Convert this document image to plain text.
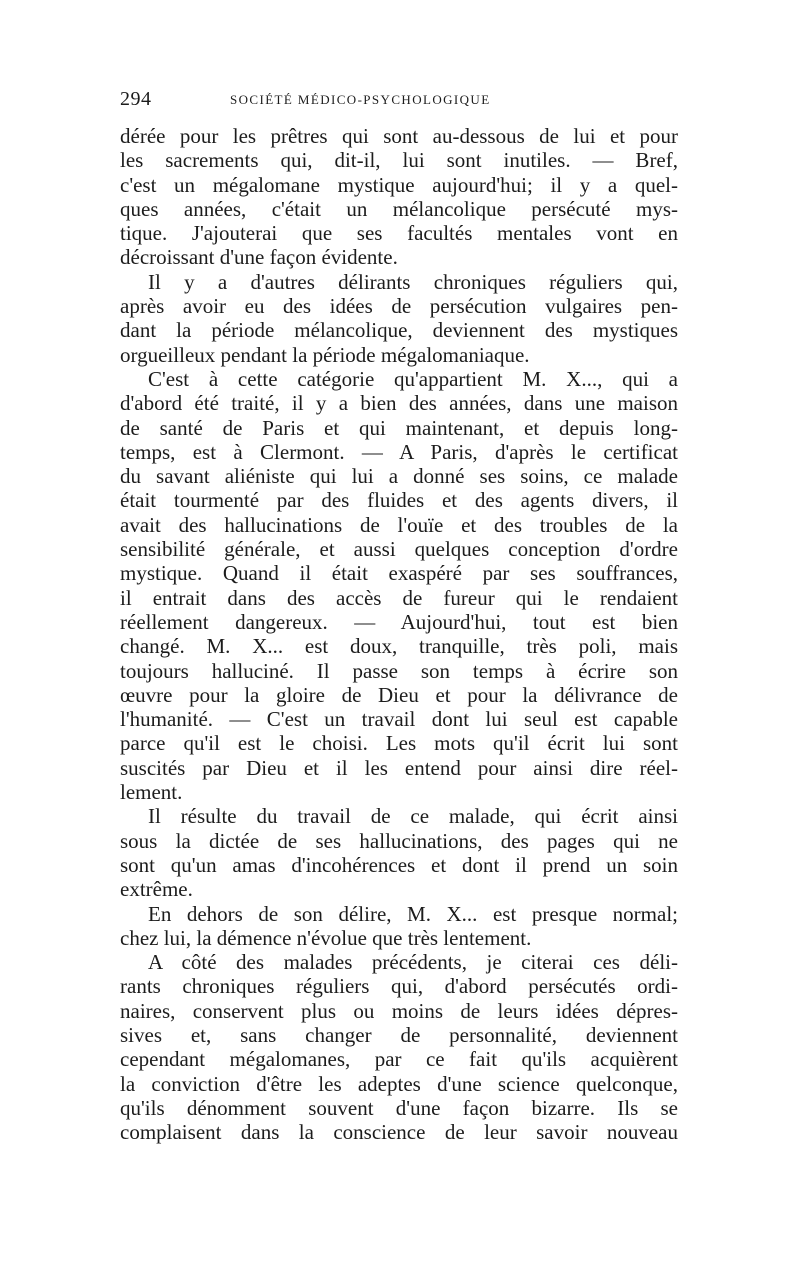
294	SOCIÉTÉ MÉDICO-PSYCHOLOGIQUE
dérée pour les prêtres qui sont au-dessous de lui et pour
les sacrements qui, dit-il, lui sont inutiles. — Bref,
c'est un mégalomane mystique aujourd'hui; il y a quel-
ques années, c'était un mélancolique persécuté mys-
tique. J'ajouterai que ses facultés mentales vont en
décroissant d'une façon évidente.
Il y a d'autres délirants chroniques réguliers qui,
après avoir eu des idées de persécution vulgaires pen-
dant la période mélancolique, deviennent des mystiques
orgueilleux pendant la période mégalomaniaque.
C'est à cette catégorie qu'appartient M. X..., qui a
d'abord été traité, il y a bien des années, dans une maison
de santé de Paris et qui maintenant, et depuis long-
temps, est à Clermont. — A Paris, d'après le certificat
du savant aliéniste qui lui a donné ses soins, ce malade
était tourmenté par des fluides et des agents divers, il
avait des hallucinations de l'ouïe et des troubles de la
sensibilité générale, et aussi quelques conception d'ordre
mystique. Quand il était exaspéré par ses souffrances,
il entrait dans des accès de fureur qui le rendaient
réellement dangereux. — Aujourd'hui, tout est bien
changé. M. X... est doux, tranquille, très poli, mais
toujours halluciné. Il passe son temps à écrire son
œuvre pour la gloire de Dieu et pour la délivrance de
l'humanité. — C'est un travail dont lui seul est capable
parce qu'il est le choisi. Les mots qu'il écrit lui sont
suscités par Dieu et il les entend pour ainsi dire réel-
lement.
Il résulte du travail de ce malade, qui écrit ainsi
sous la dictée de ses hallucinations, des pages qui ne
sont qu'un amas d'incohérences et dont il prend un soin
extrême.
En dehors de son délire, M. X... est presque normal;
chez lui, la démence n'évolue que très lentement.
A côté des malades précédents, je citerai ces déli-
rants chroniques réguliers qui, d'abord persécutés ordi-
naires, conservent plus ou moins de leurs idées dépres-
sives et, sans changer de personnalité, deviennent
cependant mégalomanes, par ce fait qu'ils acquièrent
la conviction d'être les adeptes d'une science quelconque,
qu'ils dénomment souvent d'une façon bizarre. Ils se
complaisent dans la conscience de leur savoir nouveau
